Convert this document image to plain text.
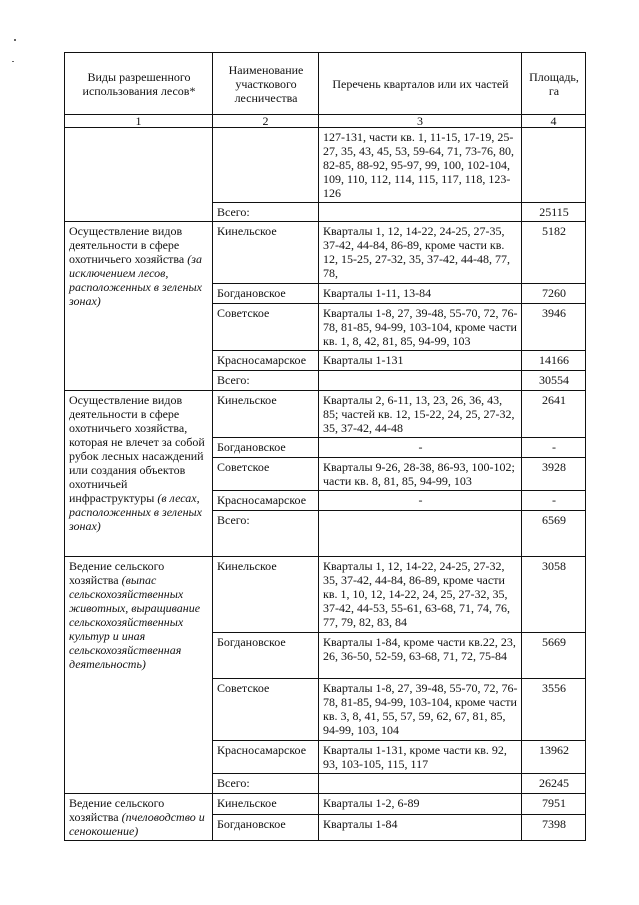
Виды разрешенного использования лесов*	Наименование участкового лесничества	Перечень кварталов или их частей	Площадь, га
1	2	3	4
		127-131, части кв. 1, 11-15, 17-19, 25-27, 35, 43, 45, 53, 59-64, 71, 73-76, 80, 82-85, 88-92, 95-97, 99, 100, 102-104, 109, 110, 112, 114, 115, 117, 118, 123-126	
	Всего:		25115
Осуществление видов деятельности в сфере охотничьего хозяйства (за исключением лесов, расположенных в зеленых зонах)	Кинельское	Кварталы 1, 12, 14-22, 24-25, 27-35, 37-42, 44-84, 86-89, кроме части кв. 12, 15-25, 27-32, 35, 37-42, 44-48, 77, 78,	5182
	Богдановское	Кварталы 1-11, 13-84	7260
	Советское	Кварталы 1-8, 27, 39-48, 55-70, 72, 76-78, 81-85, 94-99, 103-104, кроме части кв. 1, 8, 42, 81, 85, 94-99, 103	3946
	Красносамарское	Кварталы 1-131	14166
	Всего:		30554
Осуществление видов деятельности в сфере охотничьего хозяйства, которая не влечет за собой рубок лесных насаждений или создания объектов охотничьей инфраструктуры (в лесах, расположенных в зеленых зонах)	Кинельское	Кварталы 2, 6-11, 13, 23, 26, 36, 43, 85; частей кв. 12, 15-22, 24, 25, 27-32, 35, 37-42, 44-48	2641
	Богдановское	-	-
	Советское	Кварталы 9-26, 28-38, 86-93, 100-102; части кв. 8, 81, 85, 94-99, 103	3928
	Красносамарское	-	-
	Всего:		6569
Ведение сельского хозяйства (выпас сельскохозяйственных животных, выращивание сельскохозяйственных культур и иная сельскохозяйственная деятельность)	Кинельское	Кварталы 1, 12, 14-22, 24-25, 27-32, 35, 37-42, 44-84, 86-89, кроме части кв. 1, 10, 12, 14-22, 24, 25, 27-32, 35, 37-42, 44-53, 55-61, 63-68, 71, 74, 76, 77, 79, 82, 83, 84	3058
	Богдановское	Кварталы 1-84, кроме части кв.22, 23, 26, 36-50, 52-59, 63-68, 71, 72, 75-84	5669
	Советское	Кварталы 1-8, 27, 39-48, 55-70, 72, 76-78, 81-85, 94-99, 103-104, кроме части кв. 3, 8, 41, 55, 57, 59, 62, 67, 81, 85, 94-99, 103, 104	3556
	Красносамарское	Кварталы 1-131, кроме части кв. 92, 93, 103-105, 115, 117	13962
	Всего:		26245
Ведение сельского хозяйства (пчеловодство и сенокошение)	Кинельское	Кварталы 1-2, 6-89	7951
	Богдановское	Кварталы 1-84	7398
